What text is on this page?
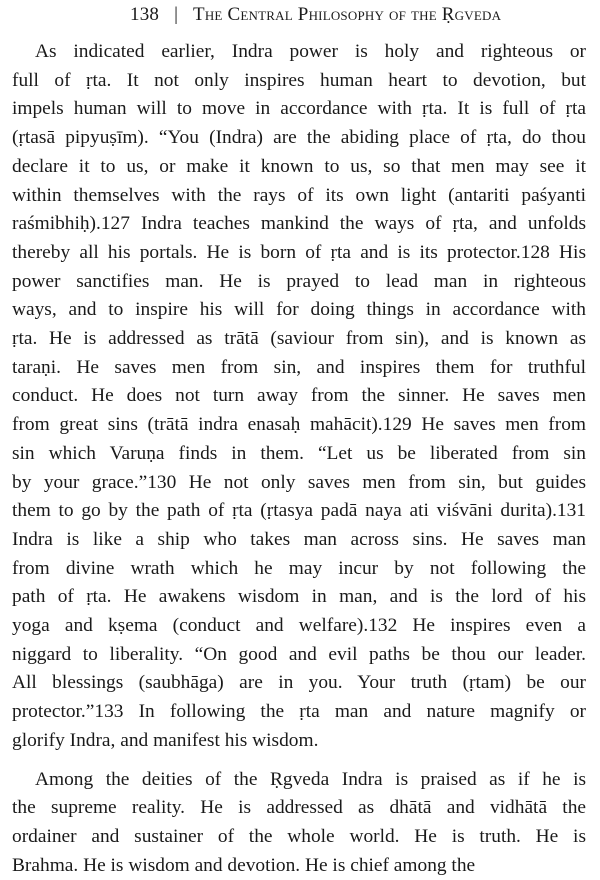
138 | The Central Philosophy of the Ṛgveda

As indicated earlier, Indra power is holy and righteous or
full of ṛta. It not only inspires human heart to devotion, but
impels human will to move in accordance with ṛta. It is full of ṛta
(ṛtasā pipyuṣīm). “You (Indra) are the abiding place of ṛta, do thou
declare it to us, or make it known to us, so that men may see it
within themselves with the rays of its own light (antariti paśyanti
raśmibhiḥ).127 Indra teaches mankind the ways of ṛta, and unfolds
thereby all his portals. He is born of ṛta and is its protector.128 His
power sanctifies man. He is prayed to lead man in righteous
ways, and to inspire his will for doing things in accordance with
ṛta. He is addressed as trātā (saviour from sin), and is known as
taraṇi. He saves men from sin, and inspires them for truthful
conduct. He does not turn away from the sinner. He saves men
from great sins (trātā indra enasaḥ mahācit).129 He saves men from
sin which Varuṇa finds in them. “Let us be liberated from sin
by your grace.”130 He not only saves men from sin, but guides
them to go by the path of ṛta (ṛtasya padā naya ati viśvāni durita).131
Indra is like a ship who takes man across sins. He saves man
from divine wrath which he may incur by not following the
path of ṛta. He awakens wisdom in man, and is the lord of his
yoga and kṣema (conduct and welfare).132 He inspires even a
niggard to liberality. “On good and evil paths be thou our leader.
All blessings (saubhāga) are in you. Your truth (ṛtam) be our
protector.”133 In following the ṛta man and nature magnify or
glorify Indra, and manifest his wisdom.

Among the deities of the Ṛgveda Indra is praised as if he is
the supreme reality. He is addressed as dhātā and vidhātā the
ordainer and sustainer of the whole world. He is truth. He is
Brahma. He is wisdom and devotion. He is chief among the
